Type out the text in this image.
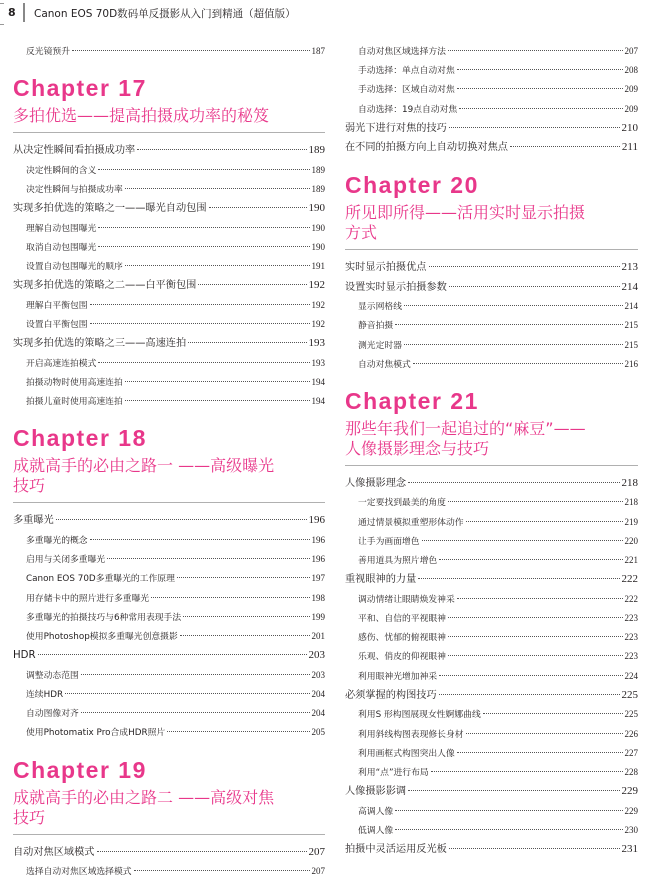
8 Canon EOS 70D数码单反摄影从入门到精通（超值版）
反光镜预升	187
Chapter 17
多拍优选——提高拍摄成功率的秘笈
从决定性瞬间看拍摄成功率	189
决定性瞬间的含义	189
决定性瞬间与拍摄成功率	189
实现多拍优选的策略之一——曝光自动包围	190
理解自动包围曝光	190
取消自动包围曝光	190
设置自动包围曝光的顺序	191
实现多拍优选的策略之二——白平衡包围	192
理解白平衡包围	192
设置白平衡包围	192
实现多拍优选的策略之三——高速连拍	193
开启高速连拍模式	193
拍摄动物时使用高速连拍	194
拍摄儿童时使用高速连拍	194
Chapter 18
成就高手的必由之路一 ——高级曝光
技巧
多重曝光	196
多重曝光的概念	196
启用与关闭多重曝光	196
Canon EOS 70D多重曝光的工作原理	197
用存储卡中的照片进行多重曝光	198
多重曝光的拍摄技巧与6种常用表现手法	199
使用Photoshop模拟多重曝光创意摄影	201
HDR	203
调整动态范围	203
连续HDR	204
自动图像对齐	204
使用Photomatix Pro合成HDR照片	205
Chapter 19
成就高手的必由之路二 ——高级对焦
技巧
自动对焦区域模式	207
选择自动对焦区域选择模式	207
自动对焦区域选择方法	207
手动选择：单点自动对焦	208
手动选择：区域自动对焦	209
自动选择：19点自动对焦	209
弱光下进行对焦的技巧	210
在不同的拍摄方向上自动切换对焦点	211
Chapter 20
所见即所得——活用实时显示拍摄
方式
实时显示拍摄优点	213
设置实时显示拍摄参数	214
显示网格线	214
静音拍摄	215
测光定时器	215
自动对焦模式	216
Chapter 21
那些年我们一起追过的“麻豆”——
人像摄影理念与技巧
人像摄影理念	218
一定要找到最美的角度	218
通过情景模拟重塑形体动作	219
让手为画面增色	220
善用道具为照片增色	221
重视眼神的力量	222
调动情绪让眼睛焕发神采	222
平和、自信的平视眼神	223
感伤、忧郁的俯视眼神	223
乐观、俏皮的仰视眼神	223
利用眼神光增加神采	224
必须掌握的构图技巧	225
利用S 形构图展现女性婀娜曲线	225
利用斜线构图表现修长身材	226
利用画框式构图突出人像	227
利用“点”进行布局	228
人像摄影影调	229
高调人像	229
低调人像	230
拍摄中灵活运用反光板	231
